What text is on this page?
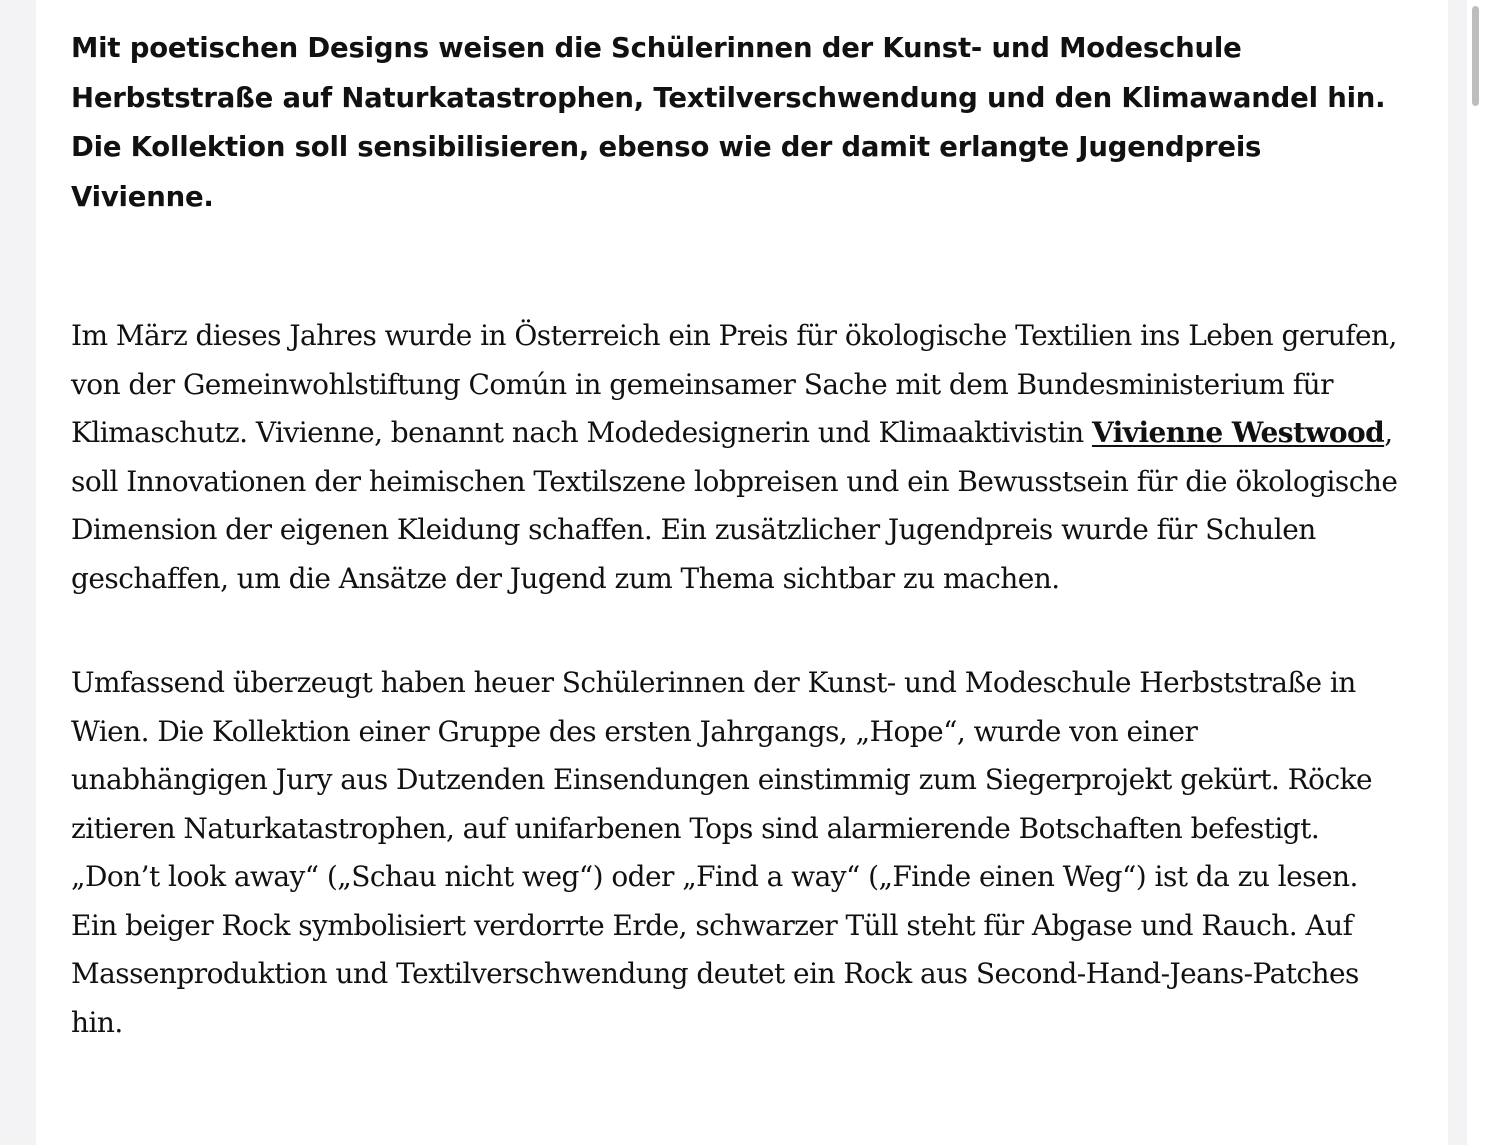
Mit poetischen Designs weisen die Schülerinnen der Kunst- und Modeschule Herbststraße auf Naturkatastrophen, Textilverschwendung und den Klimawandel hin. Die Kollektion soll sensibilisieren, ebenso wie der damit erlangte Jugendpreis Vivienne.

Im März dieses Jahres wurde in Österreich ein Preis für ökologische Textilien ins Leben gerufen, von der Gemeinwohlstiftung Común in gemeinsamer Sache mit dem Bundesministerium für Klimaschutz. Vivienne, benannt nach Modedesignerin und Klimaaktivistin Vivienne Westwood, soll Innovationen der heimischen Textilszene lobpreisen und ein Bewusstsein für die ökologische Dimension der eigenen Kleidung schaffen. Ein zusätzlicher Jugendpreis wurde für Schulen geschaffen, um die Ansätze der Jugend zum Thema sichtbar zu machen.

Umfassend überzeugt haben heuer Schülerinnen der Kunst- und Modeschule Herbststraße in Wien. Die Kollektion einer Gruppe des ersten Jahrgangs, „Hope“, wurde von einer unabhängigen Jury aus Dutzenden Einsendungen einstimmig zum Siegerprojekt gekürt. Röcke zitieren Naturkatastrophen, auf unifarbenen Tops sind alarmierende Botschaften befestigt. „Don’t look away“ („Schau nicht weg“) oder „Find a way“ („Finde einen Weg“) ist da zu lesen. Ein beiger Rock symbolisiert verdorrte Erde, schwarzer Tüll steht für Abgase und Rauch. Auf Massenproduktion und Textilverschwendung deutet ein Rock aus Second-Hand-Jeans-Patches hin.
